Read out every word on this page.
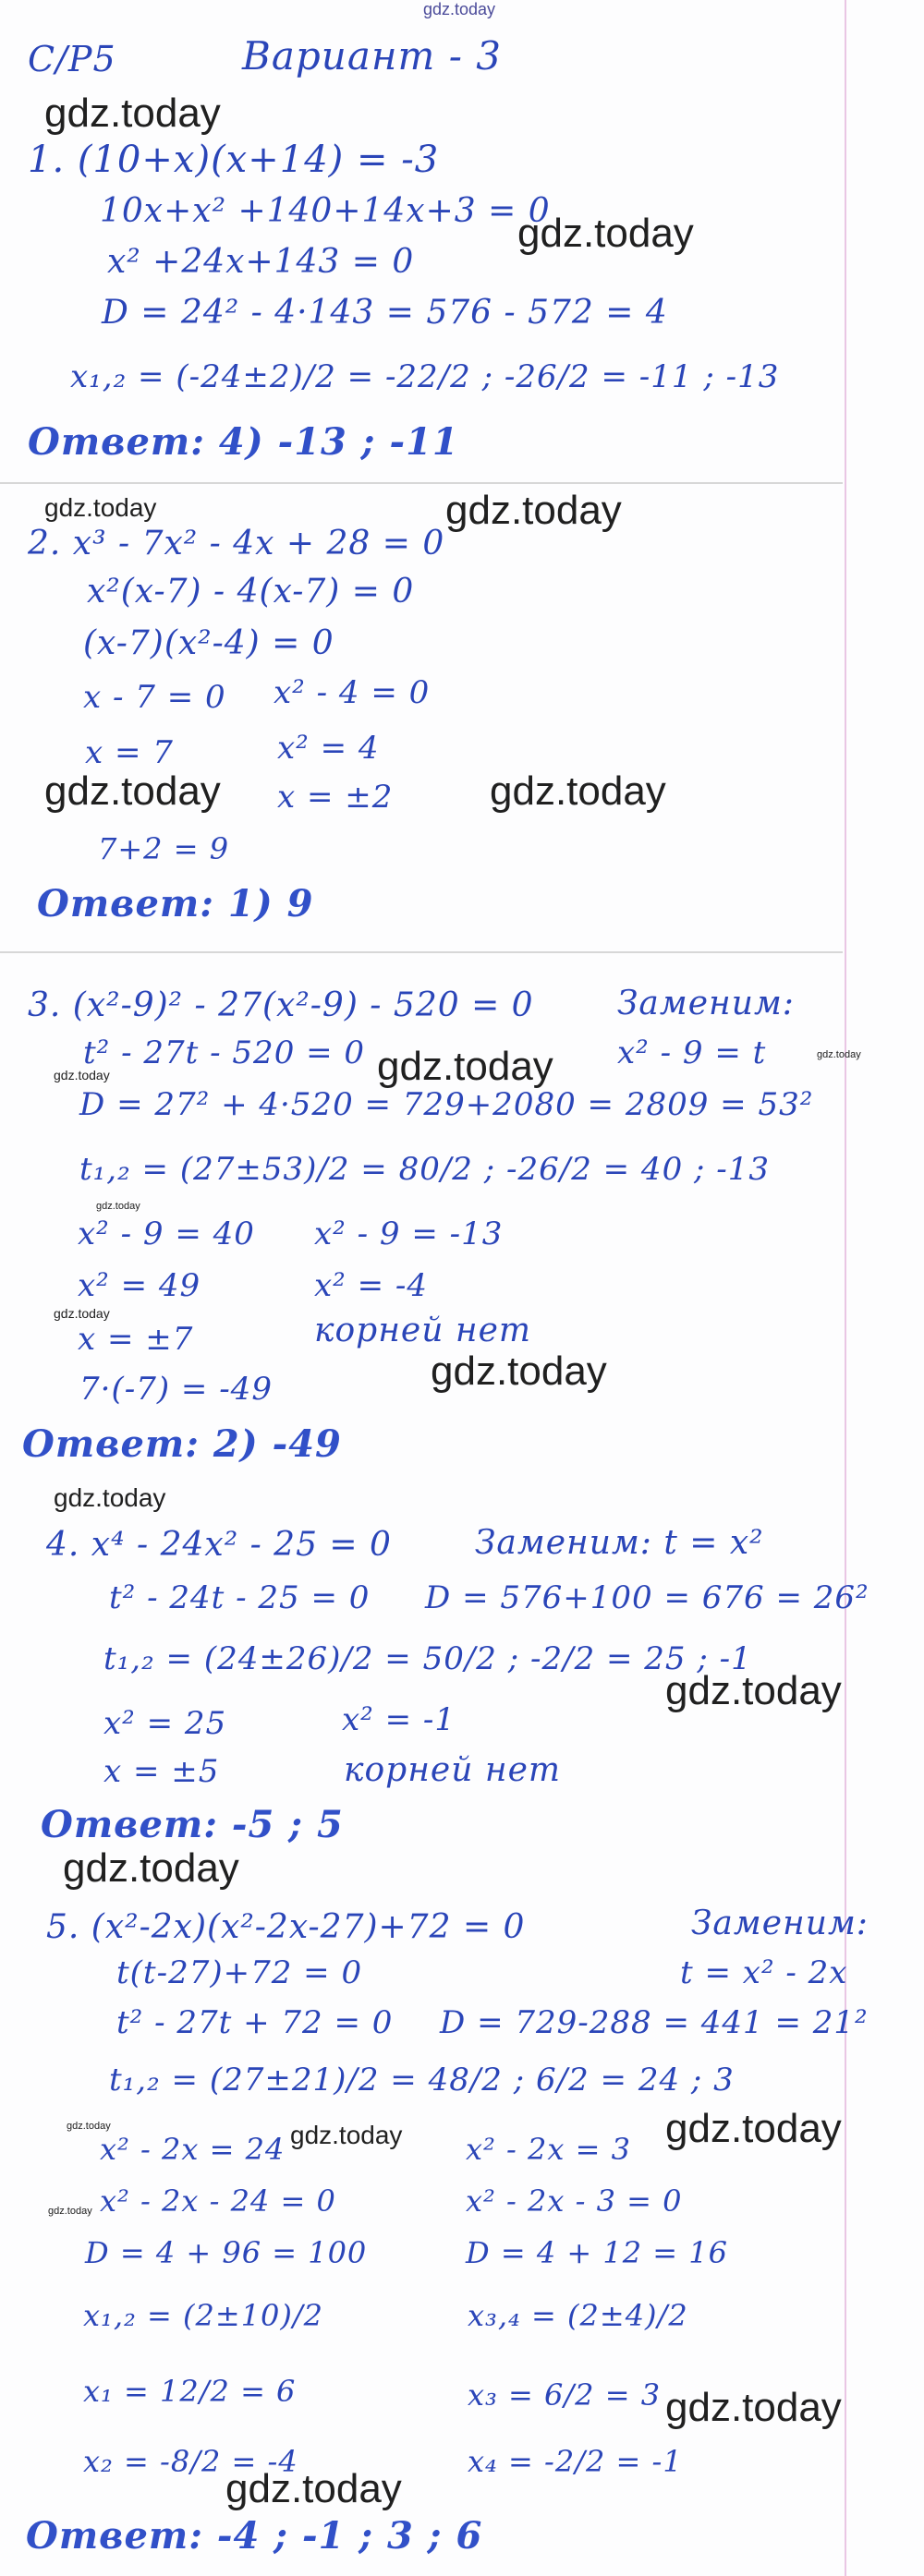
С/Р5	Вариант - 3
1. (10+x)(x+14) = -3
10x+x² +140+14x+3 = 0
x² +24x+143 = 0
D = 24² - 4·143 = 576 - 572 = 4
x₁,₂ = (-24±2)/2 = -22/2 ; -26/2 = -11 ; -13
Ответ: 4) -13 ; -11
2. x³ - 7x² - 4x + 28 = 0
x²(x-7) - 4(x-7) = 0
(x-7)(x²-4) = 0
x - 7 = 0 x² - 4 = 0
x = 7	x² = 4
x = ±2
7+2 = 9
Ответ: 1) 9
3. (x²-9)² - 27(x²-9) - 520 = 0	Заменим:
t² - 27t - 520 = 0	x² - 9 = t
D = 27² + 4·520 = 729+2080 = 2809 = 53²
t₁,₂ = (27±53)/2 = 80/2 ; -26/2 = 40 ; -13
x² - 9 = 40 x² - 9 = -13
x² = 49	x² = -4
x = ±7	корней нет
7·(-7) = -49
Ответ: 2) -49
4. x⁴ - 24x² - 25 = 0	Заменим: t = x²
t² - 24t - 25 = 0 D = 576+100 = 676 = 26²
t₁,₂ = (24±26)/2 = 50/2 ; -2/2 = 25 ; -1
x² = 25	x² = -1
x = ±5	корней нет
Ответ: -5 ; 5
5. (x²-2x)(x²-2x-27)+72 = 0	Заменим:
t(t-27)+72 = 0	t = x² - 2x
t² - 27t + 72 = 0 D = 729-288 = 441 = 21²
t₁,₂ = (27±21)/2 = 48/2 ; 6/2 = 24 ; 3
x² - 2x = 24	x² - 2x = 3
x² - 2x - 24 = 0	x² - 2x - 3 = 0
D = 4 + 96 = 100	D = 4 + 12 = 16
x₁,₂ = (2±10)/2	x₃,₄ = (2±4)/2
x₁ = 12/2 = 6	x₃ = 6/2 = 3
x₂ = -8/2 = -4	x₄ = -2/2 = -1
Ответ: -4 ; -1 ; 3 ; 6
gdz.today
gdz.today
gdz.today
gdz.today	gdz.today
gdz.today	gdz.today
gdz.today
gdz.today	gdz.today
gdz.today
gdz.today
gdz.today
gdz.today
gdz.today
gdz.today
gdz.today	gdz.today	gdz.today
gdz.today
gdz.today
gdz.today
